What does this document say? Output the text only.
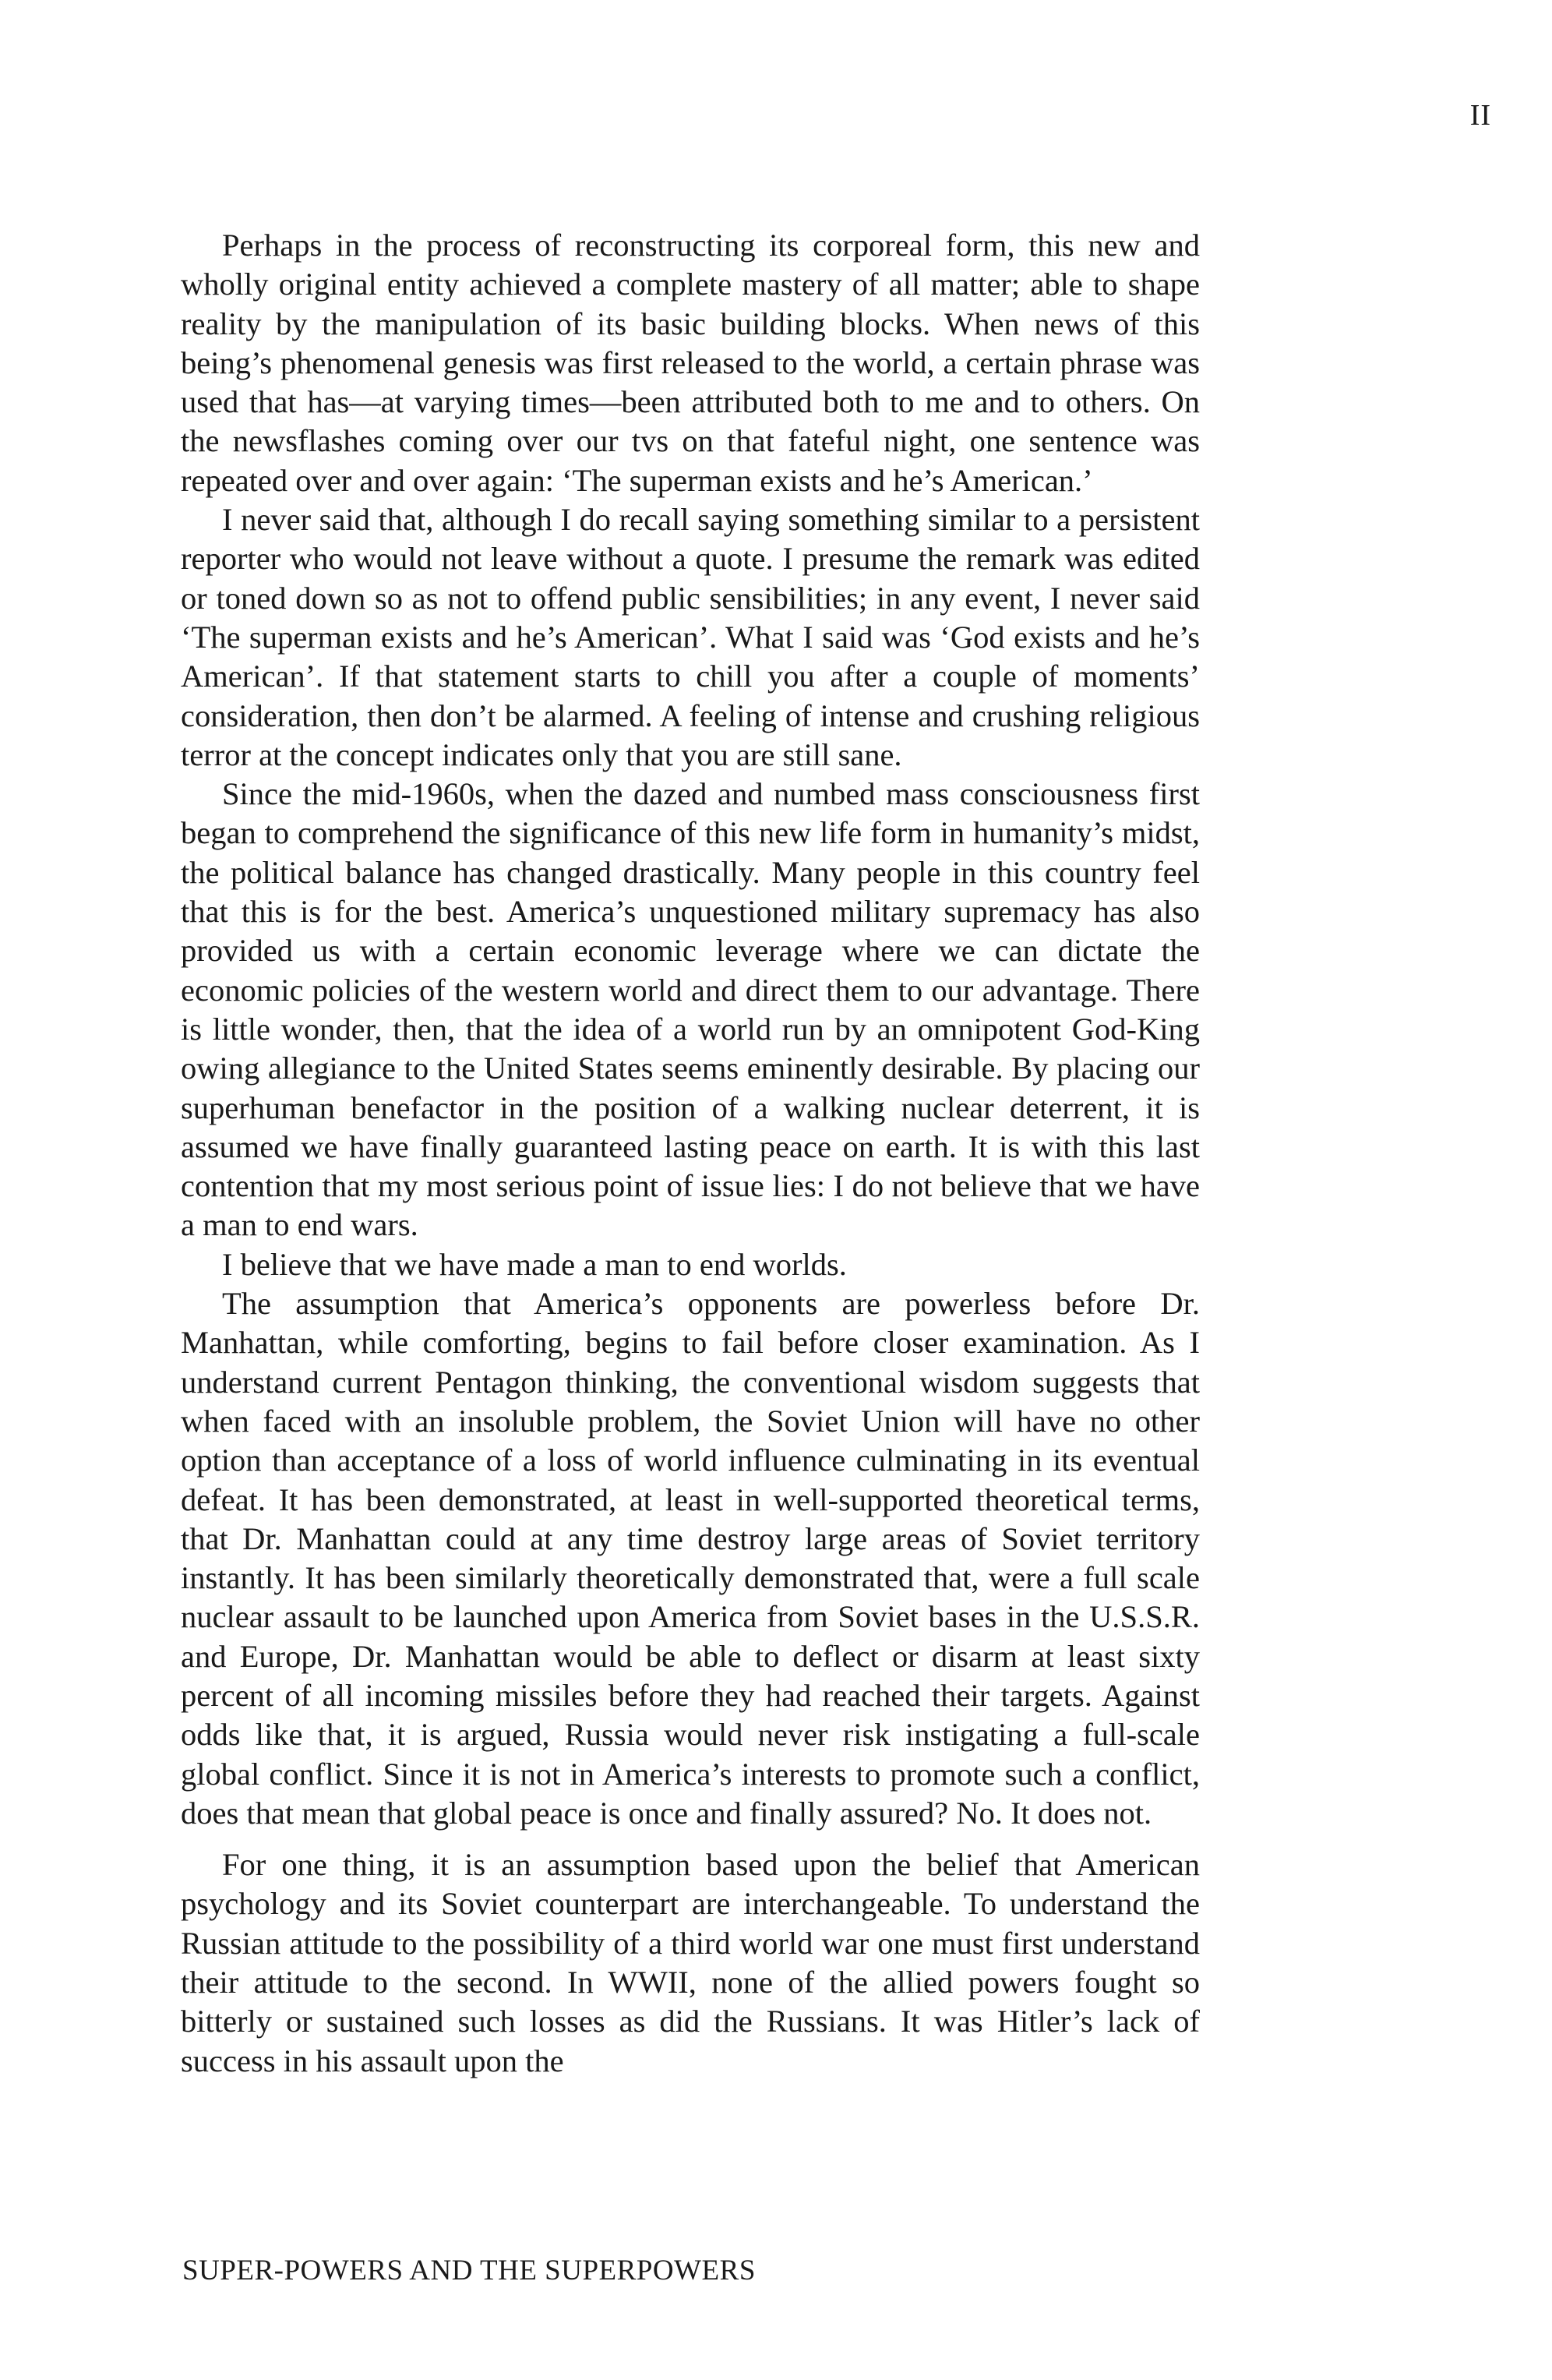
II

Perhaps in the process of reconstructing its corporeal form, this new and wholly original entity achieved a complete mastery of all matter; able to shape reality by the manipulation of its basic building blocks. When news of this being’s phenomenal genesis was first released to the world, a certain phrase was used that has—at varying times—been attributed both to me and to others. On the newsflashes coming over our tvs on that fateful night, one sentence was repeated over and over again: ‘The superman exists and he’s American.’

I never said that, although I do recall saying something similar to a persistent reporter who would not leave without a quote. I presume the remark was edited or toned down so as not to offend public sensibilities; in any event, I never said ‘The superman exists and he’s American’. What I said was ‘God exists and he’s American’. If that statement starts to chill you after a couple of moments’ consideration, then don’t be alarmed. A feeling of intense and crushing religious terror at the concept indicates only that you are still sane.

Since the mid-1960s, when the dazed and numbed mass consciousness first began to comprehend the significance of this new life form in humanity’s midst, the political balance has changed drastically. Many people in this country feel that this is for the best. America’s unquestioned military supremacy has also provided us with a certain economic leverage where we can dictate the economic policies of the western world and direct them to our advantage. There is little wonder, then, that the idea of a world run by an omnipotent God-King owing allegiance to the United States seems eminently desirable. By placing our superhuman benefactor in the position of a walking nuclear deterrent, it is assumed we have finally guaranteed lasting peace on earth. It is with this last contention that my most serious point of issue lies: I do not believe that we have a man to end wars.

I believe that we have made a man to end worlds.

The assumption that America’s opponents are powerless before Dr. Manhattan, while comforting, begins to fail before closer examination. As I understand current Pentagon thinking, the conventional wisdom suggests that when faced with an insoluble problem, the Soviet Union will have no other option than acceptance of a loss of world influence culminating in its eventual defeat. It has been demonstrated, at least in well-supported theoretical terms, that Dr. Manhattan could at any time destroy large areas of Soviet territory instantly. It has been similarly theoretically demonstrated that, were a full scale nuclear assault to be launched upon America from Soviet bases in the U.S.S.R. and Europe, Dr. Manhattan would be able to deflect or disarm at least sixty percent of all incoming missiles before they had reached their targets. Against odds like that, it is argued, Russia would never risk instigating a full-scale global conflict. Since it is not in America’s interests to promote such a conflict, does that mean that global peace is once and finally assured? No. It does not.

For one thing, it is an assumption based upon the belief that American psychology and its Soviet counterpart are interchangeable. To understand the Russian attitude to the possibility of a third world war one must first understand their attitude to the second. In WWII, none of the allied powers fought so bitterly or sustained such losses as did the Russians. It was Hitler’s lack of success in his assault upon the

SUPER-POWERS AND THE SUPERPOWERS
